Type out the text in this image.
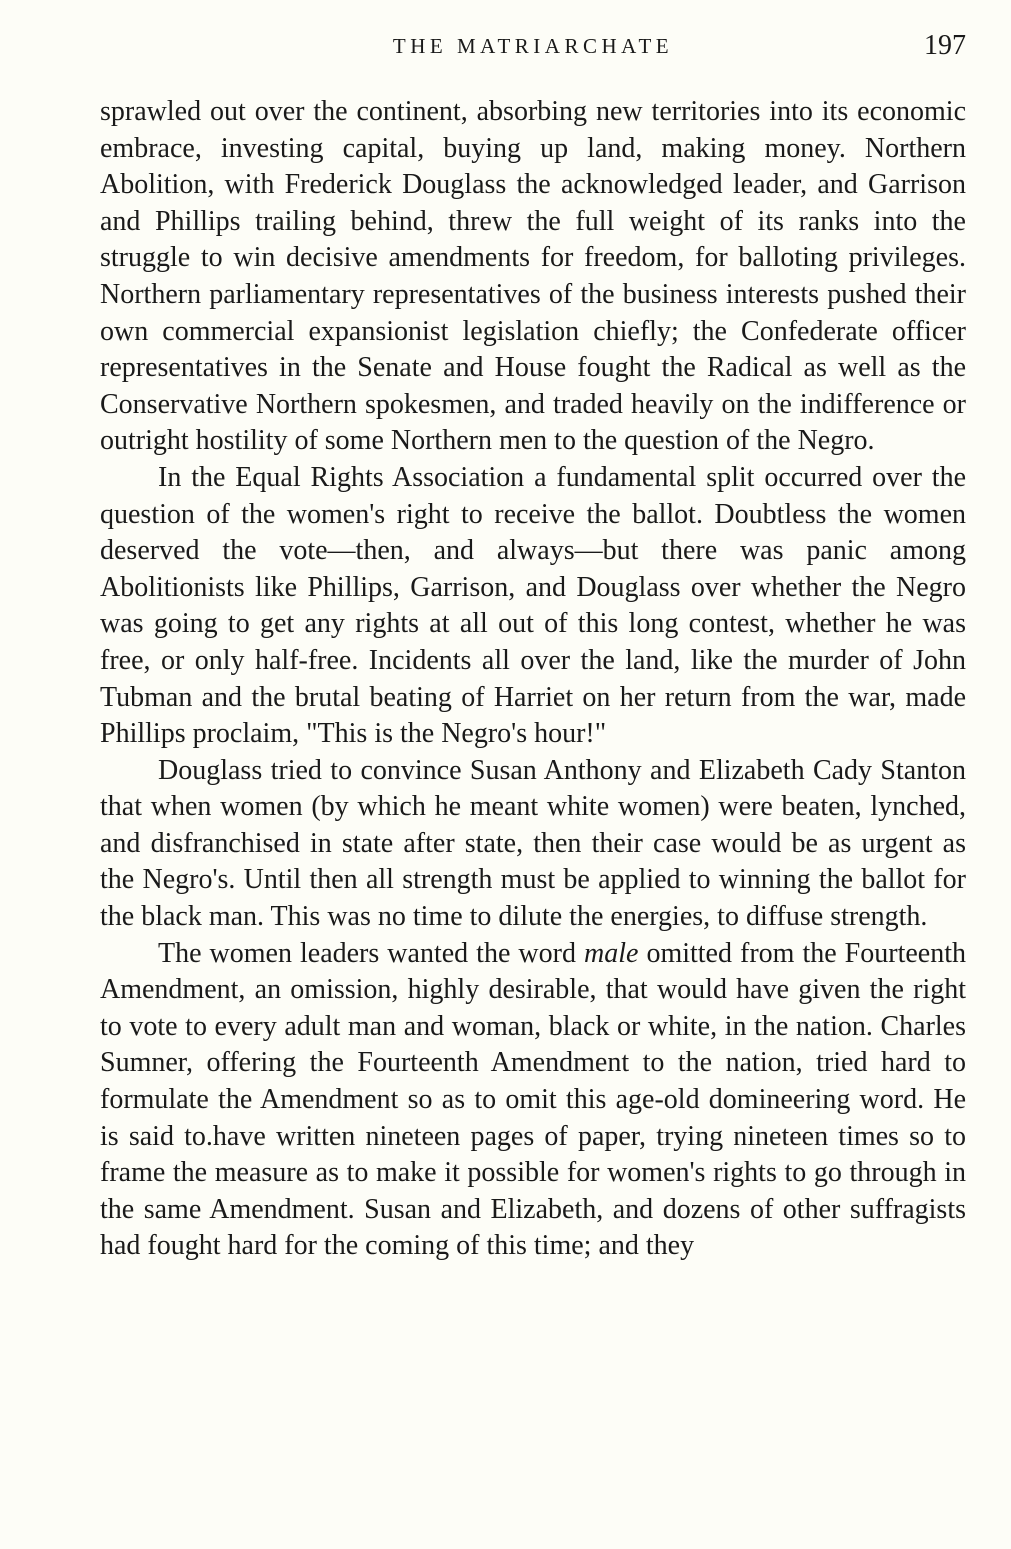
THE MATRIARCHATE	197

sprawled out over the continent, absorbing new territories into its economic embrace, investing capital, buying up land, making money. Northern Abolition, with Frederick Douglass the acknowledged leader, and Garrison and Phillips trailing behind, threw the full weight of its ranks into the struggle to win decisive amendments for freedom, for balloting privileges. Northern parliamentary representatives of the business interests pushed their own commercial expansionist legislation chiefly; the Confederate officer representatives in the Senate and House fought the Radical as well as the Conservative Northern spokesmen, and traded heavily on the indifference or outright hostility of some Northern men to the question of the Negro.

In the Equal Rights Association a fundamental split occurred over the question of the women's right to receive the ballot. Doubtless the women deserved the vote—then, and always—but there was panic among Abolitionists like Phillips, Garrison, and Douglass over whether the Negro was going to get any rights at all out of this long contest, whether he was free, or only half-free. Incidents all over the land, like the murder of John Tubman and the brutal beating of Harriet on her return from the war, made Phillips proclaim, "This is the Negro's hour!"

Douglass tried to convince Susan Anthony and Elizabeth Cady Stanton that when women (by which he meant white women) were beaten, lynched, and disfranchised in state after state, then their case would be as urgent as the Negro's. Until then all strength must be applied to winning the ballot for the black man. This was no time to dilute the energies, to diffuse strength.

The women leaders wanted the word male omitted from the Fourteenth Amendment, an omission, highly desirable, that would have given the right to vote to every adult man and woman, black or white, in the nation. Charles Sumner, offering the Fourteenth Amendment to the nation, tried hard to formulate the Amendment so as to omit this age-old domineering word. He is said to.have written nineteen pages of paper, trying nineteen times so to frame the measure as to make it possible for women's rights to go through in the same Amendment. Susan and Elizabeth, and dozens of other suffragists had fought hard for the coming of this time; and they
